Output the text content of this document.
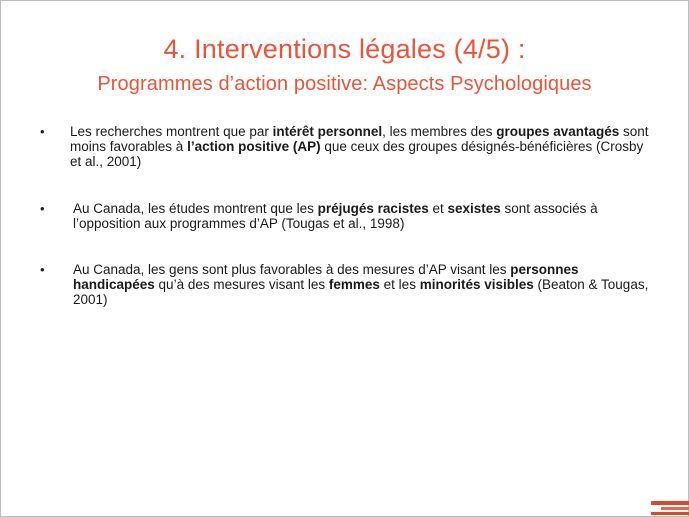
4. Interventions légales (4/5) :
Programmes d’action positive: Aspects Psychologiques
• Les recherches montrent que par intérêt personnel, les membres des groupes avantagés sont moins favorables à l’action positive (AP) que ceux des groupes désignés-bénéficières (Crosby et al., 2001)
• Au Canada, les études montrent que les préjugés racistes et sexistes sont associés à l’opposition aux programmes d’AP (Tougas et al., 1998)
• Au Canada, les gens sont plus favorables à des mesures d’AP visant les personnes handicapées qu’à des mesures visant les femmes et les minorités visibles (Beaton & Tougas, 2001)
